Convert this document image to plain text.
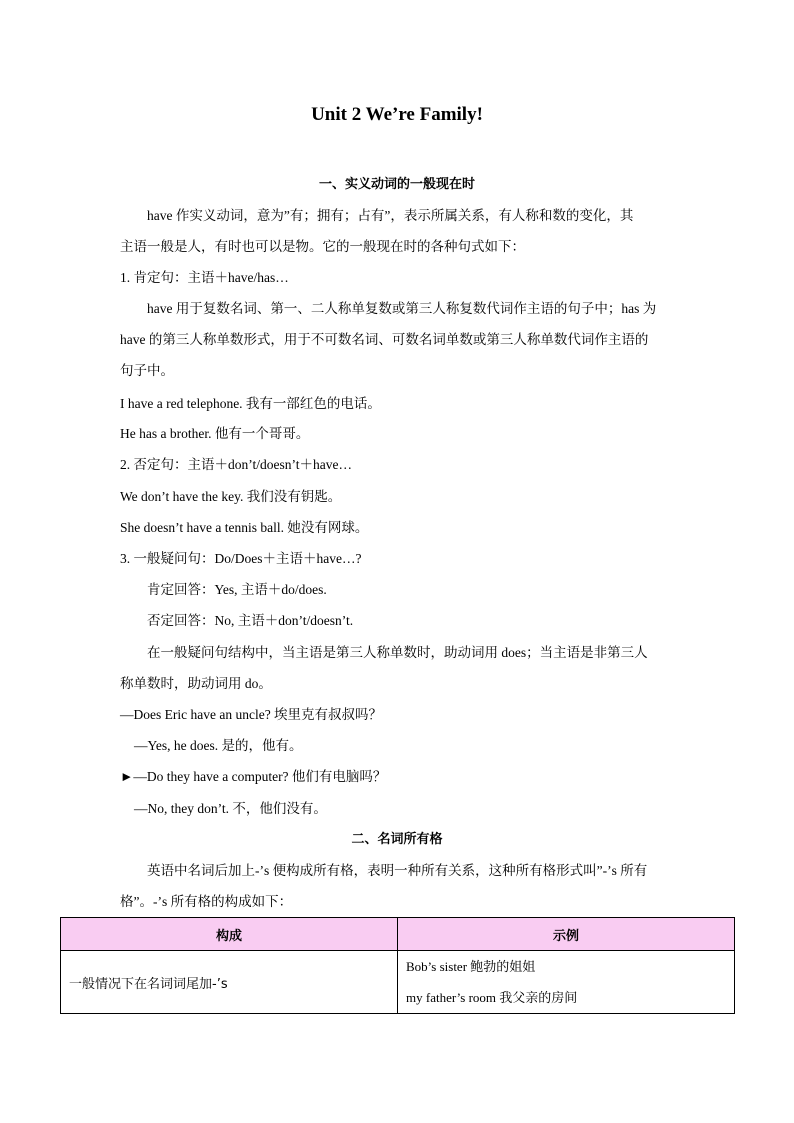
Unit 2 We’re Family!
一、实义动词的一般现在时
have 作实义动词，意为”有；拥有；占有”，表示所属关系，有人称和数的变化，其
主语一般是人，有时也可以是物。它的一般现在时的各种句式如下：
1. 肯定句：主语＋have/has…
have 用于复数名词、第一、二人称单复数或第三人称复数代词作主语的句子中；has 为
have 的第三人称单数形式，用于不可数名词、可数名词单数或第三人称单数代词作主语的
句子中。
I have a red telephone. 我有一部红色的电话。
He has a brother. 他有一个哥哥。
2. 否定句：主语＋don’t/doesn’t＋have…
We don’t have the key. 我们没有钥匙。
She doesn’t have a tennis ball. 她没有网球。
3. 一般疑问句：Do/Does＋主语＋have…?
肯定回答：Yes, 主语＋do/does.
否定回答：No, 主语＋don’t/doesn’t.
在一般疑问句结构中，当主语是第三人称单数时，助动词用 does；当主语是非第三人
称单数时，助动词用 do。
—Does Eric have an uncle? 埃里克有叔叔吗？
—Yes, he does. 是的，他有。
►—Do they have a computer? 他们有电脑吗？
—No, they don’t. 不，他们没有。
二、名词所有格
英语中名词后加上-’s 便构成所有格，表明一种所有关系，这种所有格形式叫”-’s 所有
格”。-’s 所有格的构成如下：
构成	示例
一般情况下在名词词尾加-’s	Bob’s sister 鲍勃的姐姐
my father’s room 我父亲的房间
